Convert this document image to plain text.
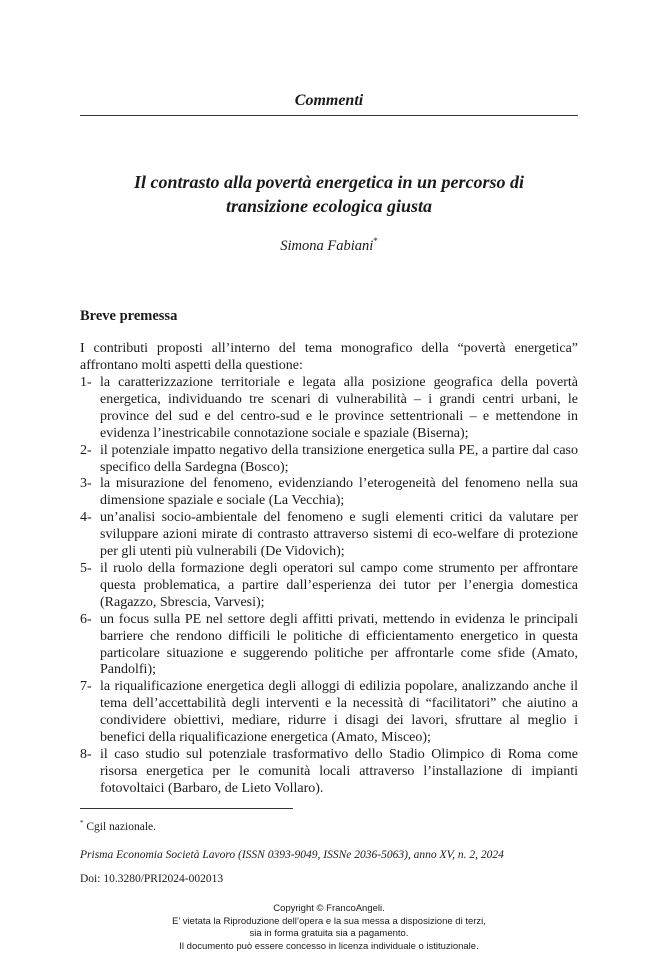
Commenti
Il contrasto alla povertà energetica in un percorso di transizione ecologica giusta
Simona Fabiani*
Breve premessa

I contributi proposti all’interno del tema monografico della “povertà energetica” affrontano molti aspetti della questione:

1- la caratterizzazione territoriale e legata alla posizione geografica della povertà energetica, individuando tre scenari di vulnerabilità – i grandi centri urbani, le province del sud e del centro-sud e le province settentrionali – e mettendone in evidenza l’inestricabile connotazione sociale e spaziale (Biserna);
2- il potenziale impatto negativo della transizione energetica sulla PE, a partire dal caso specifico della Sardegna (Bosco);
3- la misurazione del fenomeno, evidenziando l’eterogeneità del fenomeno nella sua dimensione spaziale e sociale (La Vecchia);
4- un’analisi socio-ambientale del fenomeno e sugli elementi critici da valutare per sviluppare azioni mirate di contrasto attraverso sistemi di eco-welfare di protezione per gli utenti più vulnerabili (De Vidovich);
5- il ruolo della formazione degli operatori sul campo come strumento per affrontare questa problematica, a partire dall’esperienza dei tutor per l’energia domestica (Ragazzo, Sbrescia, Varvesi);
6- un focus sulla PE nel settore degli affitti privati, mettendo in evidenza le principali barriere che rendono difficili le politiche di efficientamento energetico in questa particolare situazione e suggerendo politiche per affrontarle come sfide (Amato, Pandolfi);
7- la riqualificazione energetica degli alloggi di edilizia popolare, analizzando anche il tema dell’accettabilità degli interventi e la necessità di “facilitatori” che aiutino a condividere obiettivi, mediare, ridurre i disagi dei lavori, sfruttare al meglio i benefici della riqualificazione energetica (Amato, Misceo);
8- il caso studio sul potenziale trasformativo dello Stadio Olimpico di Roma come risorsa energetica per le comunità locali attraverso l’installazione di impianti fotovoltaici (Barbaro, de Lieto Vollaro).
* Cgil nazionale.
Prisma Economia Società Lavoro (ISSN 0393-9049, ISSNe 2036-5063), anno XV, n. 2, 2024
Doi: 10.3280/PRI2024-002013
Copyright © FrancoAngeli.
E’ vietata la Riproduzione dell’opera e la sua messa a disposizione di terzi,
sia in forma gratuita sia a pagamento.
Il documento può essere concesso in licenza individuale o istituzionale.
